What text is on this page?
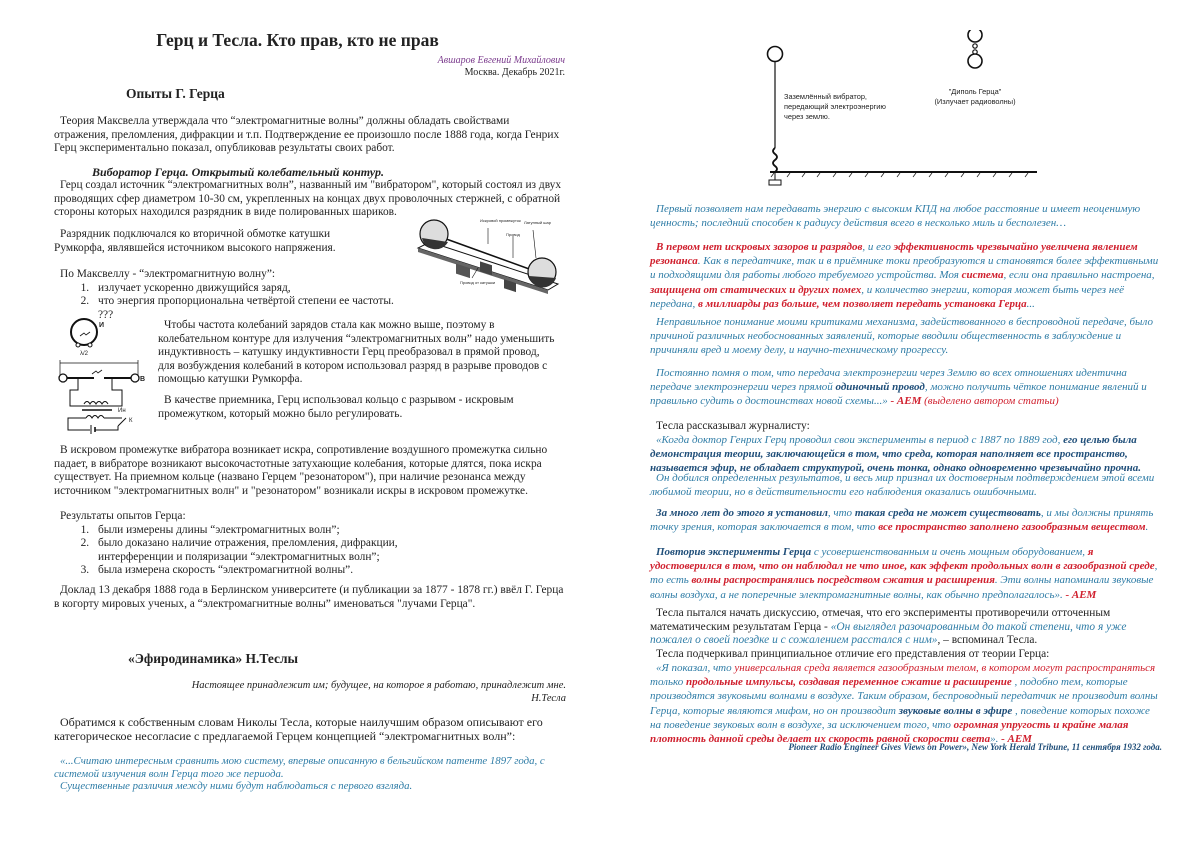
Герц и Тесла. Кто прав, кто не прав
Авшаров Евгений Михайлович
Москва. Декабрь 2021г.
Опыты Г. Герца
Теория Максвелла утверждала что “электромагнитные волны” должны обладать свойствами отражения, преломления, дифракции и т.п. Подтверждение ее произошло после 1888 года, когда Генрих Герц экспериментально показал, опубликовав результаты своих работ.
Виборатор Герца. Открытый колебательный контур.
Герц создал источник “электромагнитных волн”, названный им "вибратором", который состоял из двух проводящих сфер диаметром 10-30 см, укрепленных на концах двух проволочных стержней, с обратной стороны которых находился разрядник в виде полированных шариков.
Разрядник подключался ко вторичной обмотке катушки Румкорфа, являвшейся источником высокого напряжения.
По Максвеллу - “электромагнитную волну”:
1. излучает ускоренно движущийся заряд,
2. что энергия пропорциональна четвёртой степени ее частоты. ???
Искровой промежуток Латунный шар
Провод
Провод от катушки
И
λ/2
В
Ин
К
Чтобы частота колебаний зарядов стала как можно выше, поэтому в колебательном контуре для излучения “электромагнитных волн” надо уменьшить индуктивность – катушку индуктивности Герц преобразовал в прямой провод, для возбуждения колебаний в котором использовал разряд в разрыве проводов с помощью катушки Румкорфа.
В качестве приемника, Герц использовал кольцо с разрывом - искровым промежутком, который можно было регулировать.
В искровом промежутке вибратора возникает искра, сопротивление воздушного промежутка сильно падает, в вибраторе возникают высокочастотные затухающие колебания, которые длятся, пока искра существует. На приемном кольце (названо Герцем "резонатором"), при наличие резонанса между источником "электромагнитных волн" и "резонатором" возникали искры в искровом промежутке.
Результаты опытов Герца:
1. были измерены длины “электромагнитных волн”;
2. было доказано наличие отражения, преломления, дифракции, интерференции и поляризации “электромагнитных волн”;
3. была измерена скорость “электромагнитной волны”.
Доклад 13 декабря 1888 года в Берлинском университете (и публикации за 1877 - 1878 гг.) ввёл Г. Герца в когорту мировых ученых, а “электромагнитные волны” именоваться "лучами Герца".
«Эфиродинамика» Н.Теслы
Настоящее принадлежит им; будущее, на которое я работаю, принадлежит мне.
Н.Тесла
Обратимся к собственным словам Николы Тесла, которые наилучшим образом описывают его категорическое несогласие с предлагаемой Герцем концепцией “электромагнитных волн”:
«...Считаю интересным сравнить мою систему, впервые описанную в бельгийском патенте 1897 года, с системой излучения волн Герца того же периода.
Существенные различия между ними будут наблюдаться с первого взгляда.
Заземлённый вибратор, передающий электроэнергию через землю.
"Диполь Герца"
(Излучает радиоволны)
Первый позволяет нам передавать энергию с высоким КПД на любое расстояние и имеет неоценимую ценность; последний способен к радиусу действия всего в несколько миль и бесполезен…
В первом нет искровых зазоров и разрядов, и его эффективность чрезвычайно увеличена явлением резонанса. Как в передатчике, так и в приёмнике токи преобразуются и становятся более эффективными и подходящими для работы любого требуемого устройства. Моя система, если она правильно настроена, защищена от статических и других помех, и количество энергии, которая может быть через неё передана, в миллиарды раз больше, чем позволяет передать установка Герца...
Неправильное понимание моими критиками механизма, задействованного в беспроводной передаче, было причиной различных необоснованных заявлений, которые вводили общественность в заблуждение и причиняли вред и моему делу, и научно-техническому прогрессу.
Постоянно помня о том, что передача электроэнергии через Землю во всех отношениях идентична передаче электроэнергии через прямой одиночный провод, можно получить чёткое понимание явлений и правильно судить о достоинствах новой схемы...» - АЕМ (выделено автором статьи)
Тесла рассказывал журналисту:
«Когда доктор Генрих Герц проводил свои эксперименты в период с 1887 по 1889 год, его целью была демонстрация теории, заключающейся в том, что среда, которая наполняет все пространство, называется эфир, не обладает структурой, очень тонка, однако одновременно чрезвычайно прочна.
Он добился определенных результатов, и весь мир признал их достоверным подтверждением этой всеми любимой теории, но в действительности его наблюдения оказались ошибочными.
За много лет до этого я установил, что такая среда не может существовать, и мы должны принять точку зрения, которая заключается в том, что все пространство заполнено газообразным веществом.
Повторив эксперименты Герца с усовершенствованным и очень мощным оборудованием, я удостоверился в том, что он наблюдал не что иное, как эффект продольных волн в газообразной среде, то есть волны распространялись посредством сжатия и расширения. Эти волны напоминали звуковые волны воздуха, а не поперечные электромагнитные волны, как обычно предполагалось». - АЕМ
Тесла пытался начать дискуссию, отмечая, что его эксперименты противоречили отточенным математическим результатам Герца - «Он выглядел разочарованным до такой степени, что я уже пожалел о своей поездке и с сожалением расстался с ним», – вспоминал Тесла.
Тесла подчеркивал принципиальное отличие его представления от теории Герца:
«Я показал, что универсальная среда является газообразным телом, в котором могут распространяться только продольные импульсы, создавая переменное сжатие и расширение , подобно тем, которые производятся звуковыми волнами в воздухе. Таким образом, беспроводный передатчик не производит волны Герца, которые являются мифом, но он производит звуковые волны в эфире , поведение которых похоже на поведение звуковых волн в воздухе, за исключением того, что огромная упругость и крайне малая плотность данной среды делает их скорость равной скорости света». - АЕМ
Pioneer Radio Engineer Gives Views on Power», New York Herald Tribune, 11 сентября 1932 года.
